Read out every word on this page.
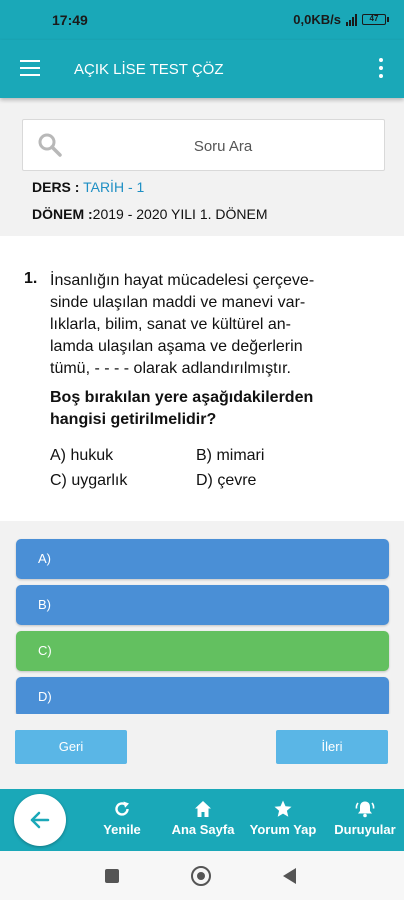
17:49	0,0KB/s	47
AÇIK LİSE TEST ÇÖZ
Soru Ara
DERS : TARİH - 1
DÖNEM :2019 - 2020 YILI 1. DÖNEM
1. İnsanlığın hayat mücadelesi çerçeve-
sinde ulaşılan maddi ve manevi var-
lıklarla, bilim, sanat ve kültürel an-
lamda ulaşılan aşama ve değerlerin
tümü, - - - - olarak adlandırılmıştır.
Boş bırakılan yere aşağıdakilerden
hangisi getirilmelidir?
A) hukuk	B) mimari
C) uygarlık	D) çevre
A)
B)
C)
D)
Geri	İleri
Yenile	Ana Sayfa Yorum Yap Duruyular
